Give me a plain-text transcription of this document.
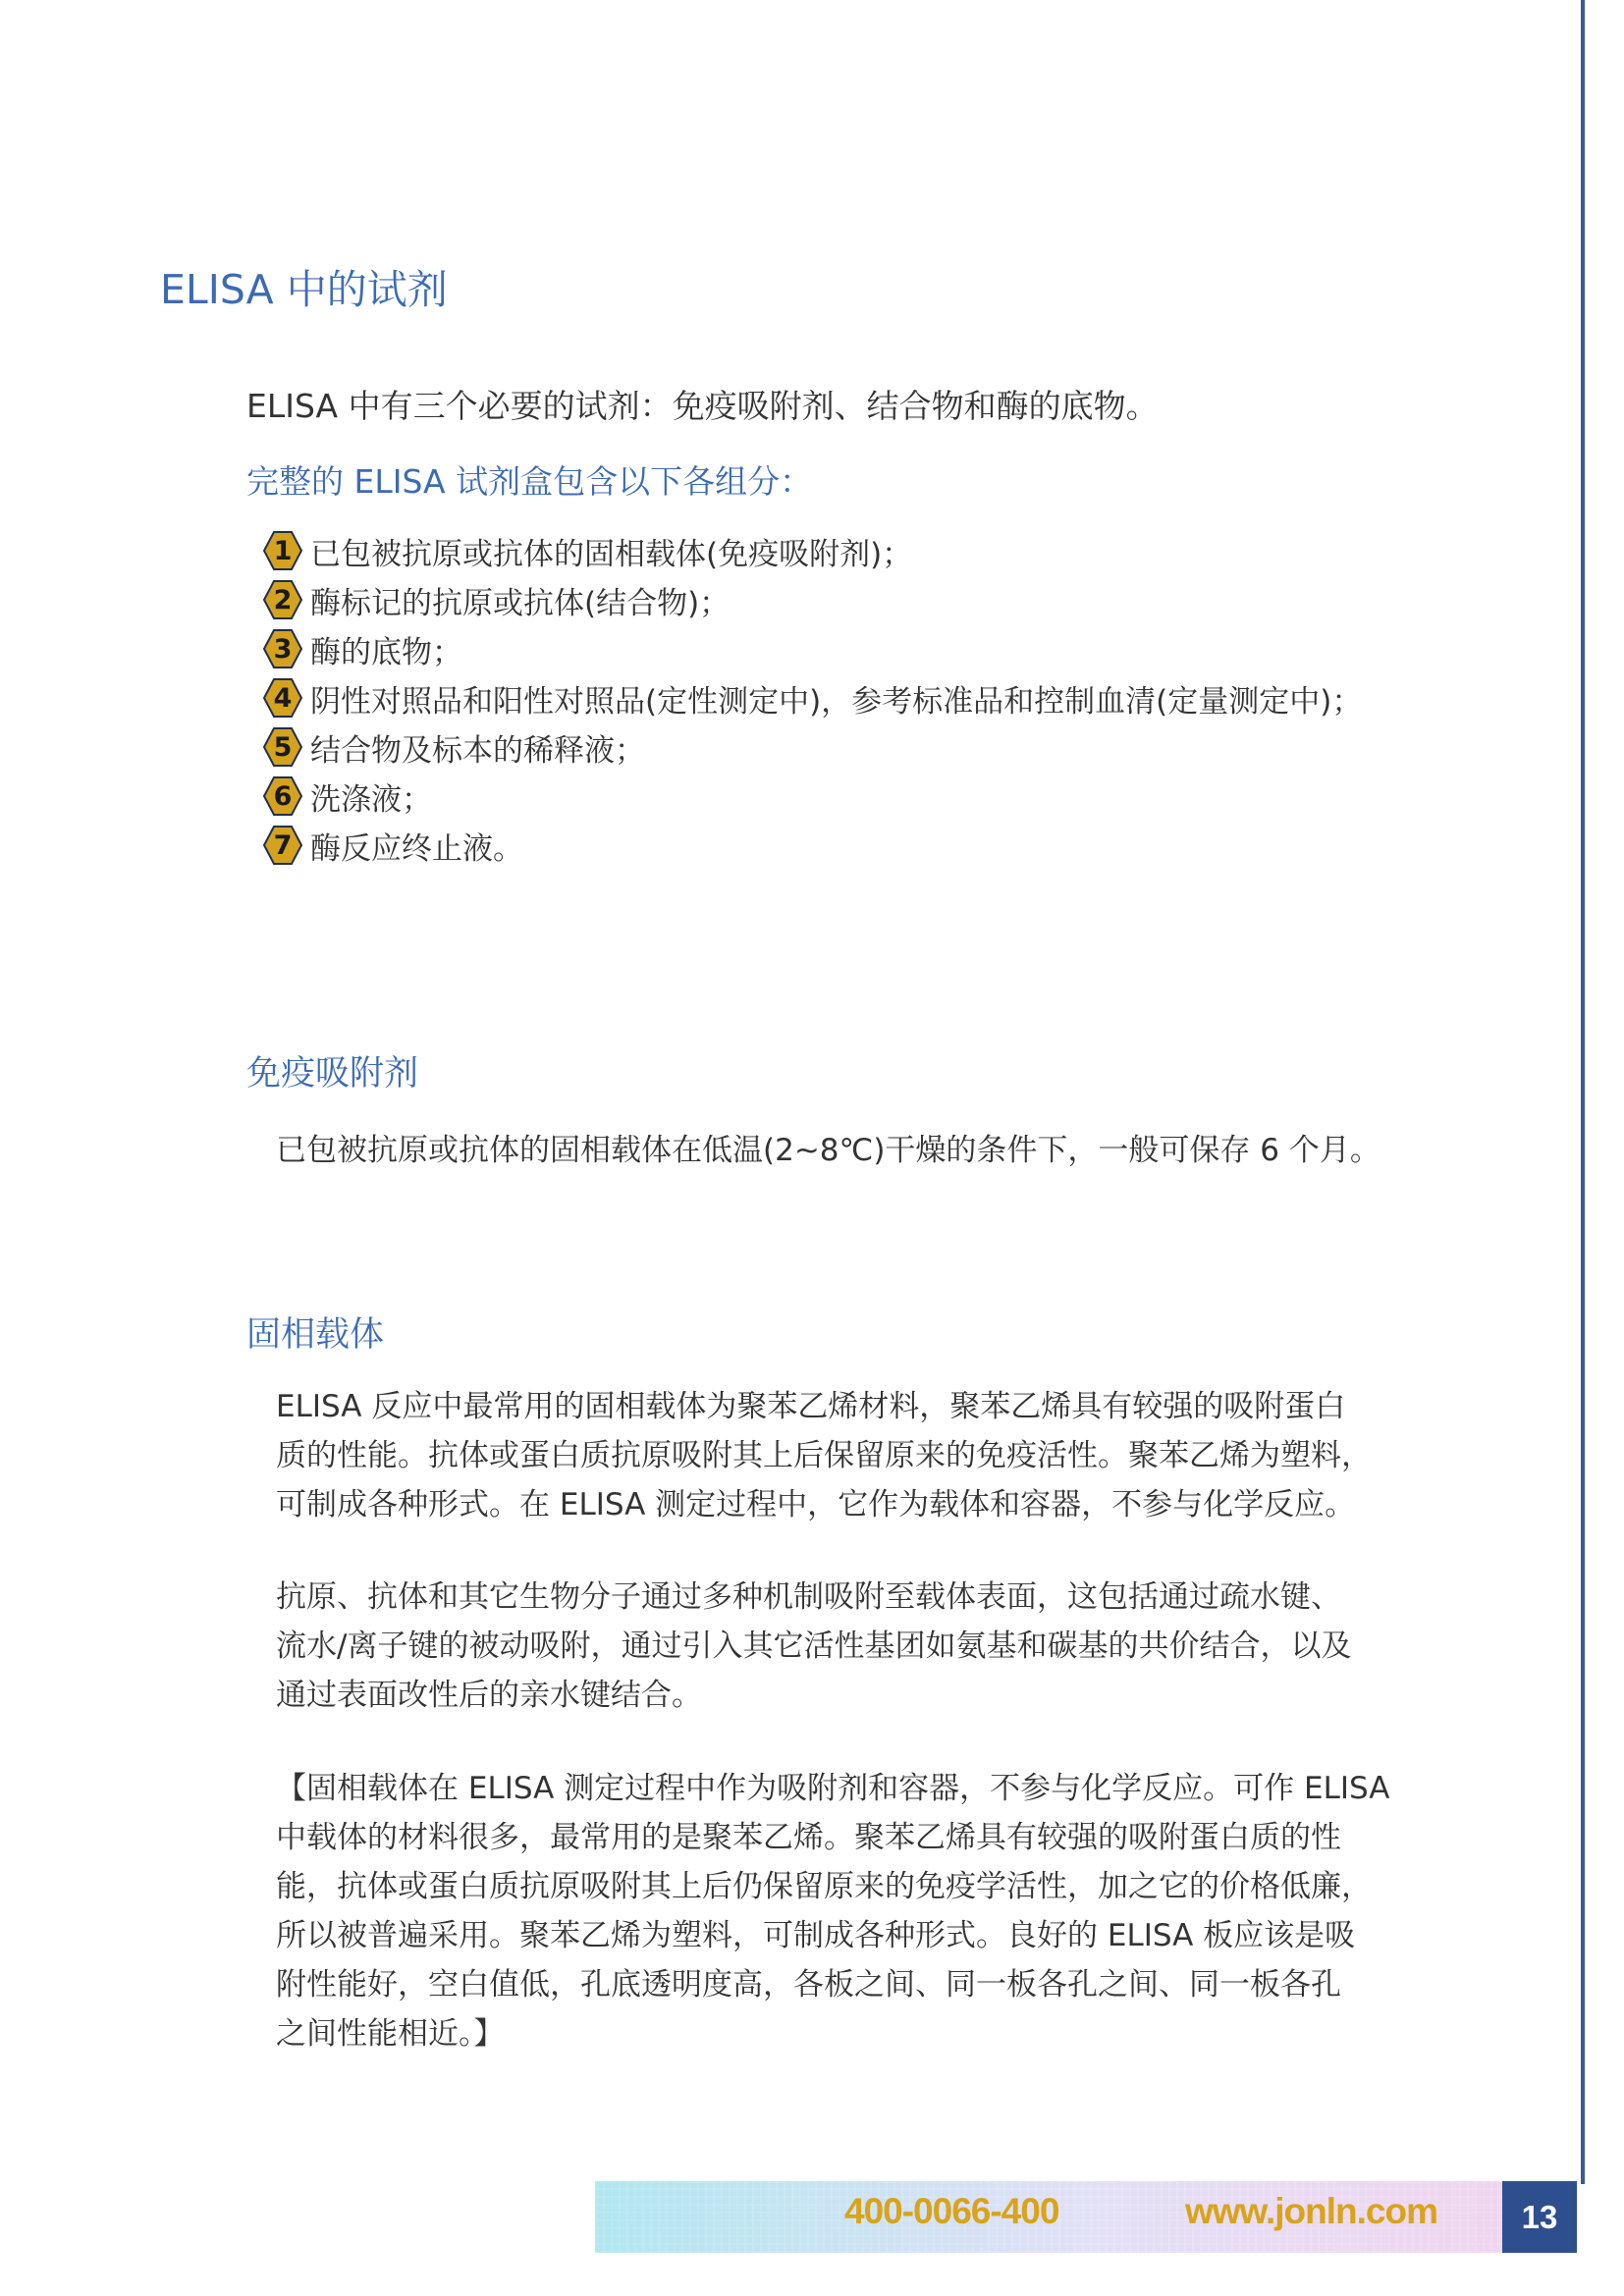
ELISA 中的试剂
ELISA 中有三个必要的试剂：免疫吸附剂、结合物和酶的底物。
完整的 ELISA 试剂盒包含以下各组分：
1 已包被抗原或抗体的固相载体(免疫吸附剂)；
2 酶标记的抗原或抗体(结合物)；
3 酶的底物；
4 阴性对照品和阳性对照品(定性测定中)，参考标准品和控制血清(定量测定中)；
5 结合物及标本的稀释液；
6 洗涤液；
7 酶反应终止液。
免疫吸附剂
已包被抗原或抗体的固相载体在低温(2~8℃)干燥的条件下，一般可保存 6 个月。
固相载体
ELISA 反应中最常用的固相载体为聚苯乙烯材料，聚苯乙烯具有较强的吸附蛋白
质的性能。抗体或蛋白质抗原吸附其上后保留原来的免疫活性。聚苯乙烯为塑料，
可制成各种形式。在 ELISA 测定过程中，它作为载体和容器，不参与化学反应。
抗原、抗体和其它生物分子通过多种机制吸附至载体表面，这包括通过疏水键、
流水/离子键的被动吸附，通过引入其它活性基团如氨基和碳基的共价结合，以及
通过表面改性后的亲水键结合。
【固相载体在 ELISA 测定过程中作为吸附剂和容器，不参与化学反应。可作 ELISA
中载体的材料很多，最常用的是聚苯乙烯。聚苯乙烯具有较强的吸附蛋白质的性
能，抗体或蛋白质抗原吸附其上后仍保留原来的免疫学活性，加之它的价格低廉，
所以被普遍采用。聚苯乙烯为塑料，可制成各种形式。良好的 ELISA 板应该是吸
附性能好，空白值低，孔底透明度高，各板之间、同一板各孔之间、同一板各孔
之间性能相近。】
400-0066-400	www.jonln.com	13
